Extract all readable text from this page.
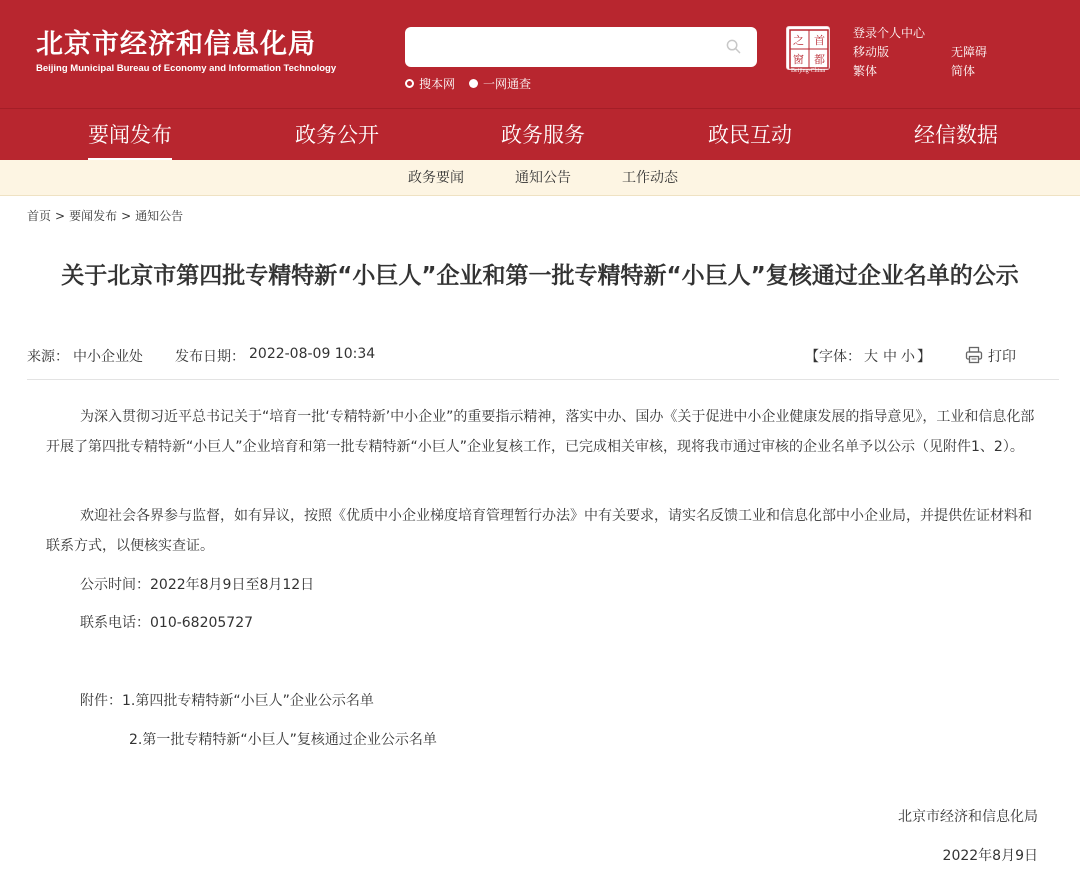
北京市经济和信息化局
Beijing Municipal Bureau of Economy and Information Technology
搜本网 一网通查
首
都
之
窗
Beijing-China
登录个人中心
移动版	无障碍
繁体	简体
要闻发布	政务公开	政务服务	政民互动	经信数据
政务要闻	通知公告	工作动态
首页 > 要闻发布 > 通知公告
关于北京市第四批专精特新“小巨人”企业和第一批专精特新“小巨人”复核通过企业名单的公示
来源： 中小企业处 发布日期： 2022-08-09 10:34	【字体： 大 中 小 】	打印

为深入贯彻习近平总书记关于“培育一批‘专精特新’中小企业”的重要指示精神，落实中办、国办《关于促进中小企业健康发展的指导意见》，工业和信息化部开展了第四批专精特新“小巨人”企业培育和第一批专精特新“小巨人”企业复核工作，已完成相关审核，现将我市通过审核的企业名单予以公示（见附件1、2）。

欢迎社会各界参与监督，如有异议，按照《优质中小企业梯度培育管理暂行办法》中有关要求，请实名反馈工业和信息化部中小企业局，并提供佐证材料和联系方式，以便核实查证。

公示时间：2022年8月9日至8月12日

联系电话：010-68205727

附件：1.第四批专精特新“小巨人”企业公示名单

2.第一批专精特新“小巨人”复核通过企业公示名单

北京市经济和信息化局

2022年8月9日
